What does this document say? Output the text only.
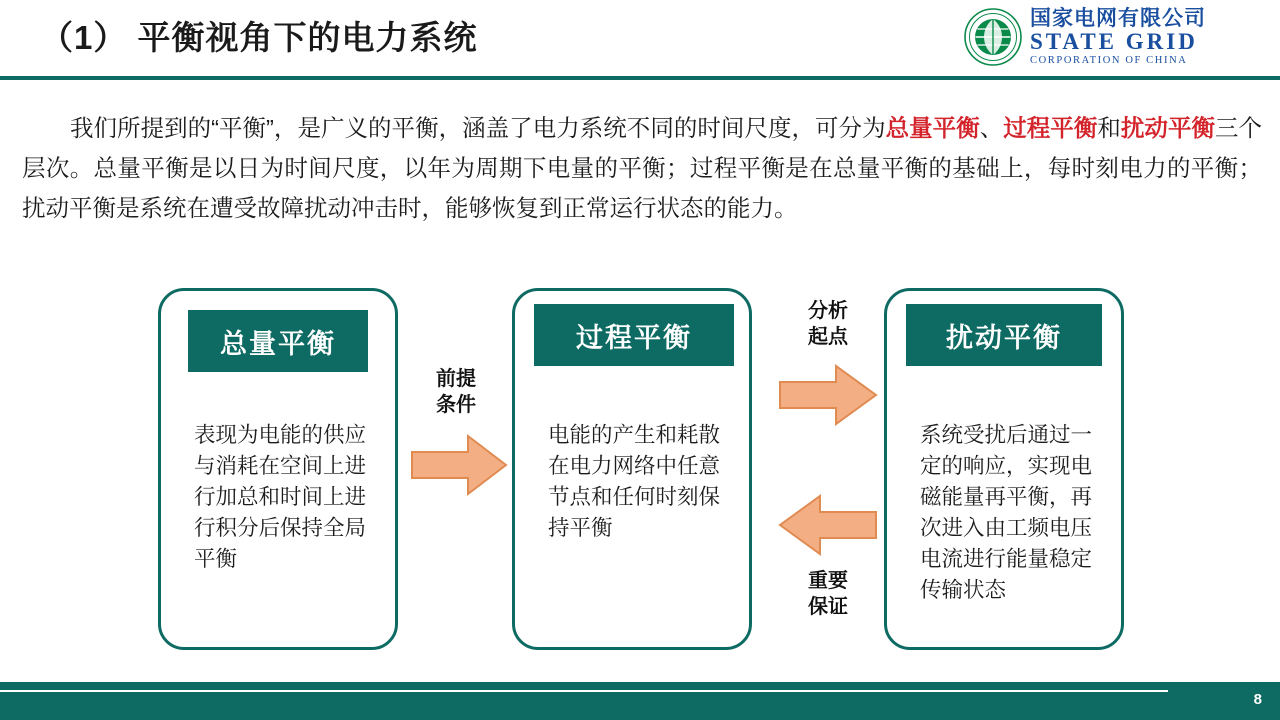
（1） 平衡视角下的电力系统
国家电网有限公司
STATE GRID
CORPORATION OF CHINA
我们所提到的“平衡”，是广义的平衡，涵盖了电力系统不同的时间尺度，可分为总量平衡、过程平衡和扰动平衡三个层次。总量平衡是以日为时间尺度，以年为周期下电量的平衡；过程平衡是在总量平衡的基础上，每时刻电力的平衡；扰动平衡是系统在遭受故障扰动冲击时，能够恢复到正常运行状态的能力。
总量平衡
表现为电能的供应与消耗在空间上进行加总和时间上进行积分后保持全局平衡
过程平衡
电能的产生和耗散在电力网络中任意节点和任何时刻保持平衡
扰动平衡
系统受扰后通过一定的响应，实现电磁能量再平衡，再次进入由工频电压电流进行能量稳定传输状态
前提
条件
分析
起点
重要
保证
8
